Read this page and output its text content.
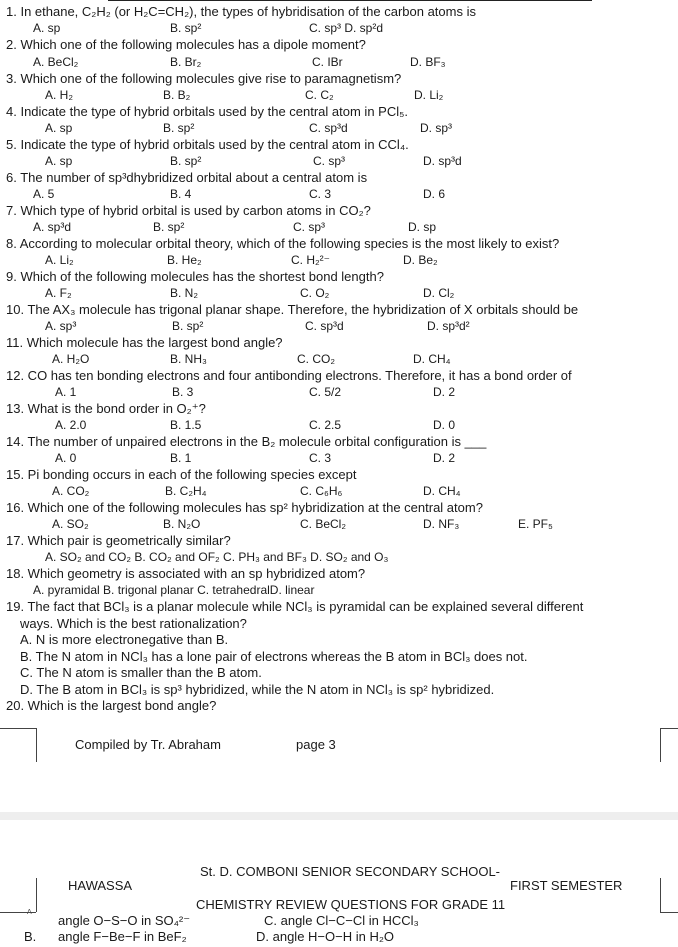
1. In ethane, C₂H₂ (or H₂C=CH₂), the types of hybridisation of the carbon atoms is
A. sp	B. sp²	C. sp³ D. sp²d
2. Which one of the following molecules has a dipole moment?
A. BeCl₂	B. Br₂	C. IBr	D. BF₃
3. Which one of the following molecules give rise to paramagnetism?
A. H₂	B. B₂	C. C₂	D. Li₂
4. Indicate the type of hybrid orbitals used by the central atom in PCl₅.
A. sp	B. sp²	C. sp³d	D. sp³
5. Indicate the type of hybrid orbitals used by the central atom in CCl₄.
A. sp	B. sp²	C. sp³	D. sp³d
6. The number of sp³dhybridized orbital about a central atom is
A. 5	B. 4	C. 3	D. 6
7. Which type of hybrid orbital is used by carbon atoms in CO₂?
A. sp³d	B. sp²	C. sp³	D. sp
8. According to molecular orbital theory, which of the following species is the most likely to exist?
A. Li₂	B. He₂	C. H₂²⁻	D. Be₂
9. Which of the following molecules has the shortest bond length?
A. F₂	B. N₂	C. O₂	D. Cl₂
10. The AX₃ molecule has trigonal planar shape. Therefore, the hybridization of X orbitals should be
A. sp³	B. sp²	C. sp³d	D. sp³d²
11. Which molecule has the largest bond angle?
A. H₂O	B. NH₃	C. CO₂	D. CH₄
12. CO has ten bonding electrons and four antibonding electrons. Therefore, it has a bond order of
A. 1	B. 3	C. 5/2	D. 2
13. What is the bond order in O₂⁺?
A. 2.0	B. 1.5	C. 2.5	D. 0
14. The number of unpaired electrons in the B₂ molecule orbital configuration is ___
A. 0	B. 1	C. 3	D. 2
15. Pi bonding occurs in each of the following species except
A. CO₂	B. C₂H₄	C. C₆H₆	D. CH₄
16. Which one of the following molecules has sp² hybridization at the central atom?
A. SO₂	B. N₂O	C. BeCl₂	D. NF₃	E. PF₅
17. Which pair is geometrically similar?
A. SO₂ and CO₂ B. CO₂ and OF₂ C. PH₃ and BF₃ D. SO₂ and O₃
18. Which geometry is associated with an sp hybridized atom?
A. pyramidal B. trigonal planar C. tetrahedralD. linear
19. The fact that BCl₃ is a planar molecule while NCl₃ is pyramidal can be explained several different
ways. Which is the best rationalization?
A. N is more electronegative than B.
B. The N atom in NCl₃ has a lone pair of electrons whereas the B atom in BCl₃ does not.
C. The N atom is smaller than the B atom.
D. The B atom in BCl₃ is sp³ hybridized, while the N atom in NCl₃ is sp² hybridized.
20. Which is the largest bond angle?
Compiled by Tr. Abraham	page 3
St. D. COMBONI SENIOR SECONDARY SCHOOL-
HAWASSA	FIRST SEMESTER
CHEMISTRY REVIEW QUESTIONS FOR GRADE 11
A
angle O−S−O in SO₄²⁻	C. angle Cl−C−Cl in HCCl₃
B. angle F−Be−F in BeF₂	D. angle H−O−H in H₂O
